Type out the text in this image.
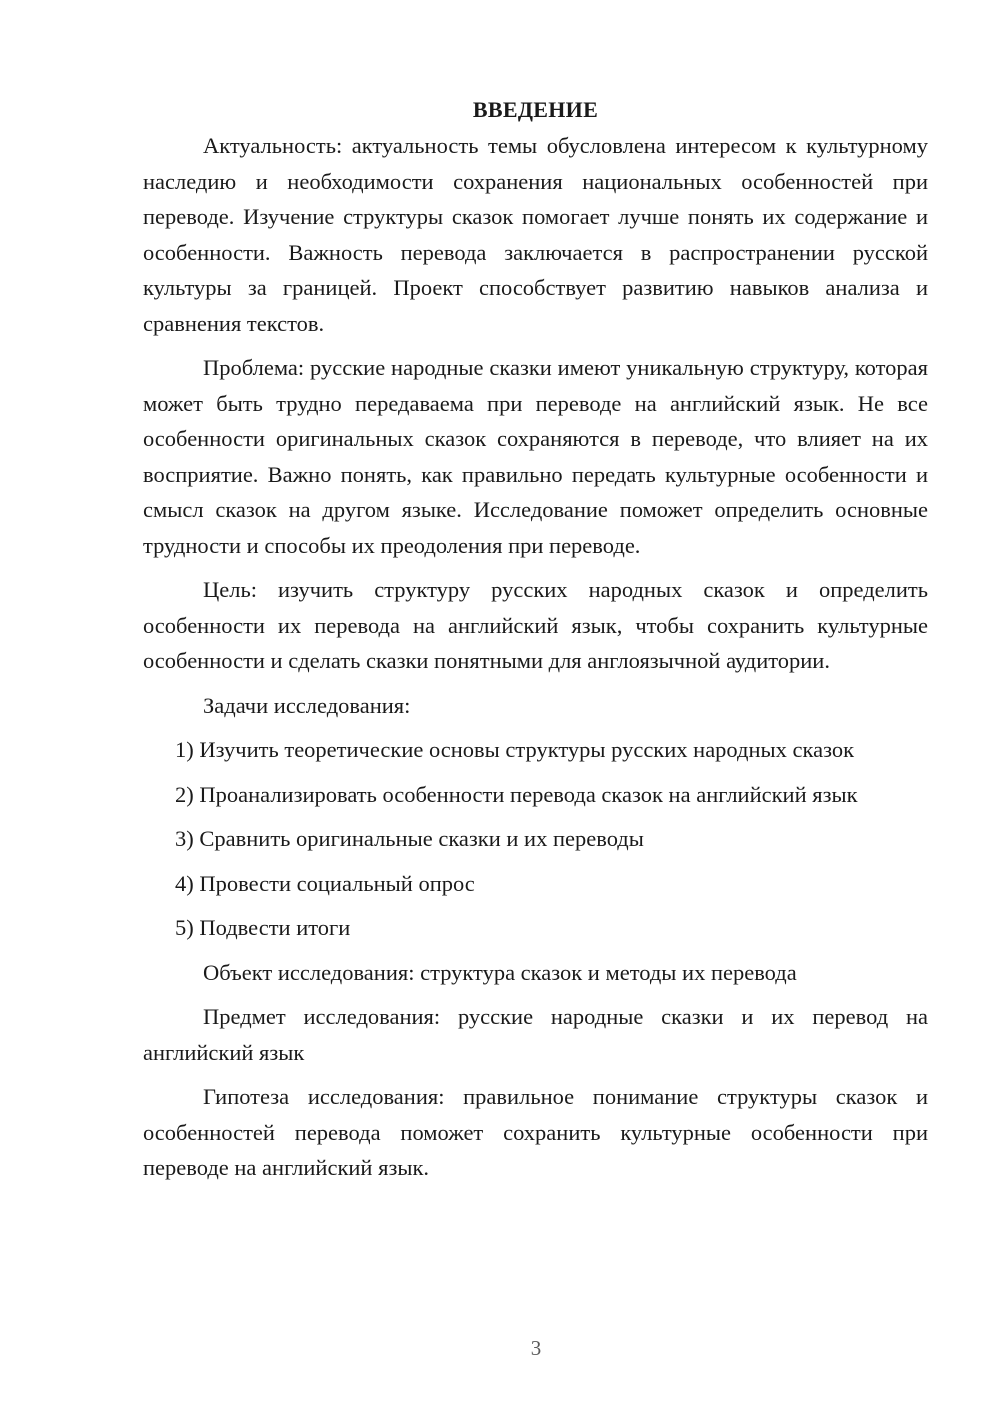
ВВЕДЕНИЕ

Актуальность: актуальность темы обусловлена интересом к культурному наследию и необходимости сохранения национальных особенностей при переводе. Изучение структуры сказок помогает лучше понять их содержание и особенности. Важность перевода заключается в распространении русской культуры за границей. Проект способствует развитию навыков анализа и сравнения текстов.

Проблема: русские народные сказки имеют уникальную структуру, которая может быть трудно передаваема при переводе на английский язык. Не все особенности оригинальных сказок сохраняются в переводе, что влияет на их восприятие. Важно понять, как правильно передать культурные особенности и смысл сказок на другом языке. Исследование поможет определить основные трудности и способы их преодоления при переводе.

Цель: изучить структуру русских народных сказок и определить особенности их перевода на английский язык, чтобы сохранить культурные особенности и сделать сказки понятными для англоязычной аудитории.

Задачи исследования:

1) Изучить теоретические основы структуры русских народных сказок

2) Проанализировать особенности перевода сказок на английский язык

3) Сравнить оригинальные сказки и их переводы

4) Провести социальный опрос

5) Подвести итоги

Объект исследования: структура сказок и методы их перевода

Предмет исследования: русские народные сказки и их перевод на английский язык

Гипотеза исследования: правильное понимание структуры сказок и особенностей перевода поможет сохранить культурные особенности при переводе на английский язык.

3
